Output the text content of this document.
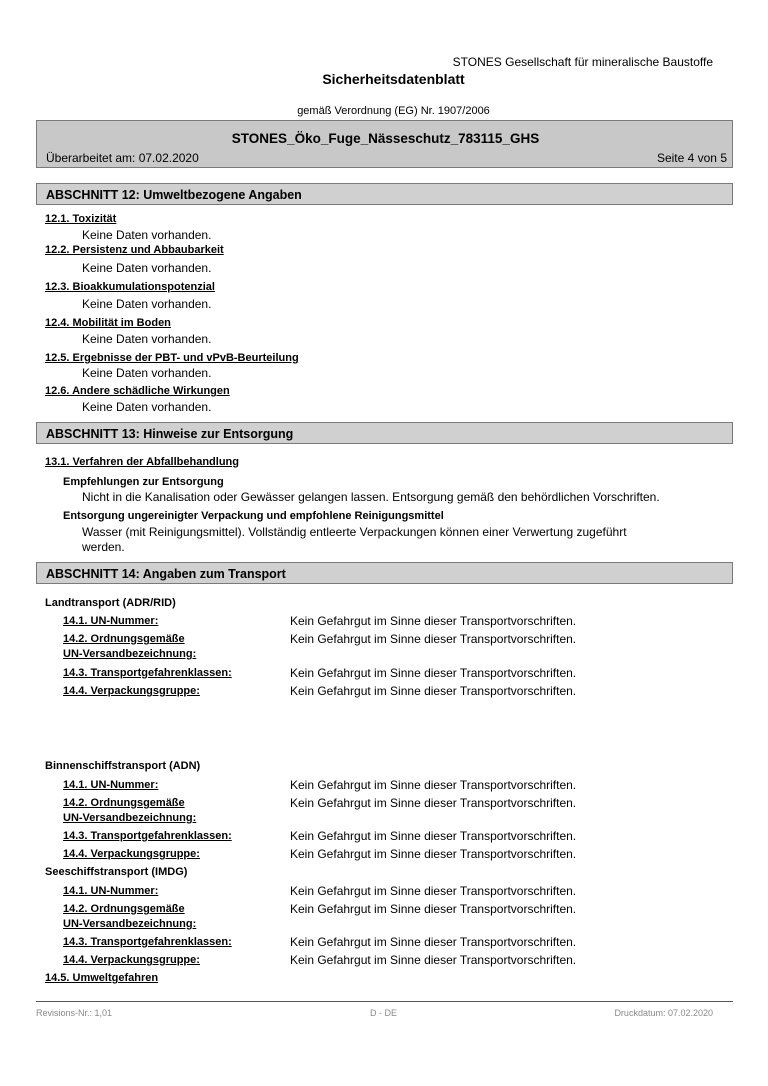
STONES Gesellschaft für mineralische Baustoffe
Sicherheitsdatenblatt
gemäß Verordnung (EG) Nr. 1907/2006
STONES_Öko_Fuge_Nässeschutz_783115_GHS
Überarbeitet am: 07.02.2020	Seite 4 von 5
ABSCHNITT 12: Umweltbezogene Angaben
12.1. Toxizität
Keine Daten vorhanden.
12.2. Persistenz und Abbaubarkeit
Keine Daten vorhanden.
12.3. Bioakkumulationspotenzial
Keine Daten vorhanden.
12.4. Mobilität im Boden
Keine Daten vorhanden.
12.5. Ergebnisse der PBT- und vPvB-Beurteilung
Keine Daten vorhanden.
12.6. Andere schädliche Wirkungen
Keine Daten vorhanden.
ABSCHNITT 13: Hinweise zur Entsorgung
13.1. Verfahren der Abfallbehandlung
Empfehlungen zur Entsorgung
Nicht in die Kanalisation oder Gewässer gelangen lassen. Entsorgung gemäß den behördlichen Vorschriften.
Entsorgung ungereinigter Verpackung und empfohlene Reinigungsmittel
Wasser (mit Reinigungsmittel). Vollständig entleerte Verpackungen können einer Verwertung zugeführt
werden.
ABSCHNITT 14: Angaben zum Transport
Landtransport (ADR/RID)
14.1. UN-Nummer:	Kein Gefahrgut im Sinne dieser Transportvorschriften.
14.2. Ordnungsgemäße
UN-Versandbezeichnung:
Kein Gefahrgut im Sinne dieser Transportvorschriften.
14.3. Transportgefahrenklassen:	Kein Gefahrgut im Sinne dieser Transportvorschriften.
14.4. Verpackungsgruppe:	Kein Gefahrgut im Sinne dieser Transportvorschriften.
Binnenschiffstransport (ADN)
14.1. UN-Nummer:	Kein Gefahrgut im Sinne dieser Transportvorschriften.
14.2. Ordnungsgemäße
UN-Versandbezeichnung:
Kein Gefahrgut im Sinne dieser Transportvorschriften.
14.3. Transportgefahrenklassen:	Kein Gefahrgut im Sinne dieser Transportvorschriften.
14.4. Verpackungsgruppe:	Kein Gefahrgut im Sinne dieser Transportvorschriften.
Seeschiffstransport (IMDG)
14.1. UN-Nummer:	Kein Gefahrgut im Sinne dieser Transportvorschriften.
14.2. Ordnungsgemäße
UN-Versandbezeichnung:
Kein Gefahrgut im Sinne dieser Transportvorschriften.
14.3. Transportgefahrenklassen:	Kein Gefahrgut im Sinne dieser Transportvorschriften.
14.4. Verpackungsgruppe:	Kein Gefahrgut im Sinne dieser Transportvorschriften.
14.5. Umweltgefahren
Revisions-Nr.: 1,01	D - DE	Druckdatum: 07.02.2020
